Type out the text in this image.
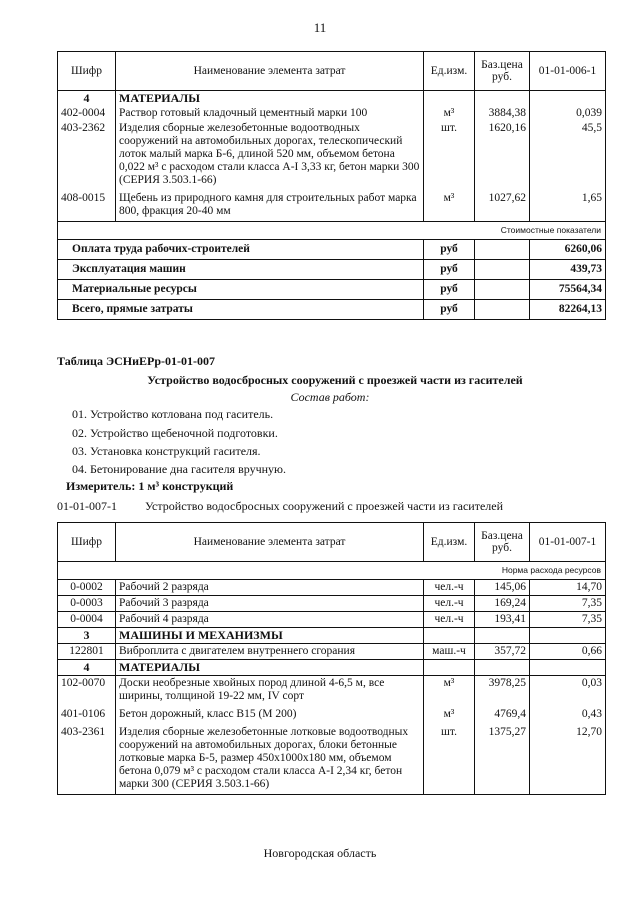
11
Шифр	Наименование элемента затрат	Ед.изм.	Баз.цена руб.	01-01-006-1
4	МАТЕРИАЛЫ			
402-0004	Раствор готовый кладочный цементный марки 100	м³	3884,38	0,039
403-2362	Изделия сборные железобетонные водоотводных сооружений на автомобильных дорогах, телескопический лоток малый марка Б-6, длиной 520 мм, объемом бетона 0,022 м³ с расходом стали класса А-I 3,33 кг, бетон марки 300 (СЕРИЯ 3.503.1-66)	шт.	1620,16	45,5
408-0015	Щебень из природного камня для строительных работ марка 800, фракция 20-40 мм	м³	1027,62	1,65
Стоимостные показатели				
Оплата труда рабочих-строителей		руб		6260,06
Эксплуатация машин		руб		439,73
Материальные ресурсы		руб		75564,34
Всего, прямые затраты		руб		82264,13
Таблица ЭСНиЕРр-01-01-007
Устройство водосбросных сооружений с проезжей части из гасителей
Состав работ:
01. Устройство котлована под гаситель.
02. Устройство щебеночной подготовки.
03. Установка конструкций гасителя.
04. Бетонирование дна гасителя вручную.
Измеритель: 1 м³ конструкций
01-01-007-1 Устройство водосбросных сооружений с проезжей части из гасителей
Шифр	Наименование элемента затрат	Ед.изм.	Баз.цена руб.	01-01-007-1
Норма расхода ресурсов				
0-0002	Рабочий 2 разряда	чел.-ч	145,06	14,70
0-0003	Рабочий 3 разряда	чел.-ч	169,24	7,35
0-0004	Рабочий 4 разряда	чел.-ч	193,41	7,35
3	МАШИНЫ И МЕХАНИЗМЫ			
122801	Виброплита с двигателем внутреннего сгорания	маш.-ч	357,72	0,66
4	МАТЕРИАЛЫ			
102-0070	Доски необрезные хвойных пород длиной 4-6,5 м, все ширины, толщиной 19-22 мм, IV сорт	м³	3978,25	0,03
401-0106	Бетон дорожный, класс В15 (М 200)	м³	4769,4	0,43
403-2361	Изделия сборные железобетонные лотковые водоотводных сооружений на автомобильных дорогах, блоки бетонные лотковые марка Б-5, размер 450x1000x180 мм, объемом бетона 0,079 м³ с расходом стали класса А-I 2,34 кг, бетон марки 300 (СЕРИЯ 3.503.1-66)	шт.	1375,27	12,70
Новгородская область
